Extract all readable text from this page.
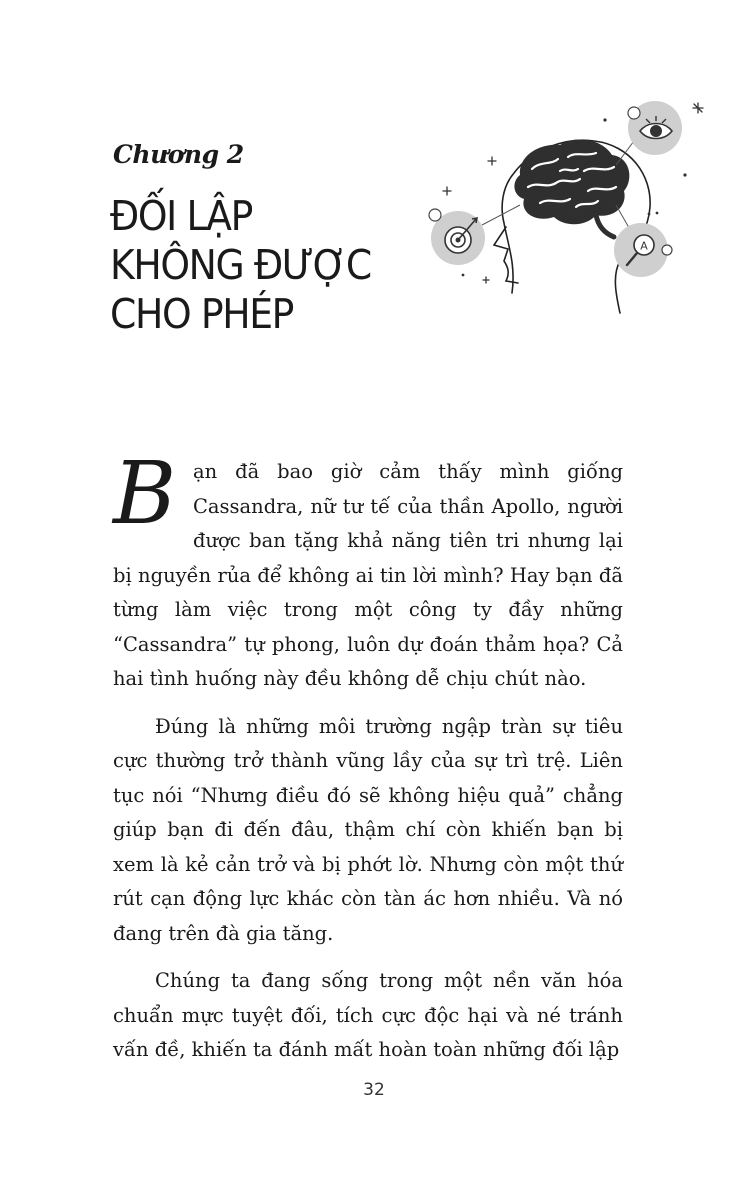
Chương 2
ĐỐI LẬP
KHÔNG ĐƯỢC
CHO PHÉP
A

Bạn đã bao giờ cảm thấy mình giống Cassandra, nữ tư tế của thần Apollo, người được ban tặng khả năng tiên tri nhưng lại bị nguyền rủa để không ai tin lời mình? Hay bạn đã từng làm việc trong một công ty đầy những “Cassandra” tự phong, luôn dự đoán thảm họa? Cả hai tình huống này đều không dễ chịu chút nào.

Đúng là những môi trường ngập tràn sự tiêu cực thường trở thành vũng lầy của sự trì trệ. Liên tục nói “Nhưng điều đó sẽ không hiệu quả” chẳng giúp bạn đi đến đâu, thậm chí còn khiến bạn bị xem là kẻ cản trở và bị phớt lờ. Nhưng còn một thứ rút cạn động lực khác còn tàn ác hơn nhiều. Và nó đang trên đà gia tăng.

Chúng ta đang sống trong một nền văn hóa chuẩn mực tuyệt đối, tích cực độc hại và né tránh vấn đề, khiến ta đánh mất hoàn toàn những đối lập

32
